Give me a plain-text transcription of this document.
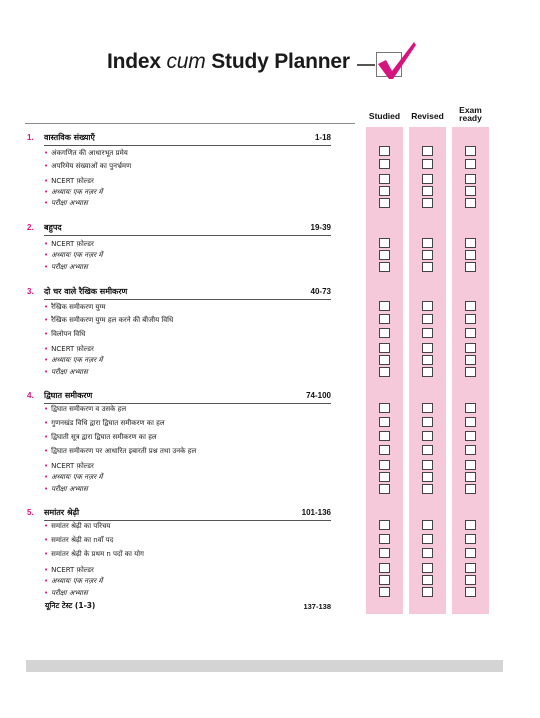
Index cum Study Planner
Studied	Revised
Exam
ready
1. वास्तविक संख्याएँ	1-18
• अंकगणित की आधारभूत प्रमेय
• अपरिमेय संख्याओं का पुनर्भ्रमण
• NCERT फ़ोल्डर
• अध्यायः एक नज़र में
• परीक्षा अभ्यास
2. बहुपद	19-39
• NCERT फ़ोल्डर
• अध्यायः एक नज़र में
• परीक्षा अभ्यास
3. दो चर वाले रैखिक समीकरण	40-73
• रैखिक समीकरण युग्म
• रैखिक समीकरण युग्म हल करने की बीजीय विधि
• विलोपन विधि
• NCERT फ़ोल्डर
• अध्यायः एक नज़र में
• परीक्षा अभ्यास
4. द्विघात समीकरण	74-100
• द्विघात समीकरण व उसके हल
• गुणनखंड विधि द्वारा द्विघात समीकरण का हल
• द्विघाती सूत्र द्वारा द्विघात समीकरण का हल
• द्विघात समीकरण पर आधारित इबारती प्रश्न तथा उनके हल
• NCERT फ़ोल्डर
• अध्यायः एक नज़र में
• परीक्षा अभ्यास
5. समांतर श्रेढ़ी	101-136
• समांतर श्रेढ़ी का परिचय
• समांतर श्रेढ़ी का nवाँ पद
• समांतर श्रेढ़ी के प्रथम n पदों का योग
• NCERT फ़ोल्डर
• अध्यायः एक नज़र में
• परीक्षा अभ्यास
यूनिट टेस्ट (1-3)	137-138
